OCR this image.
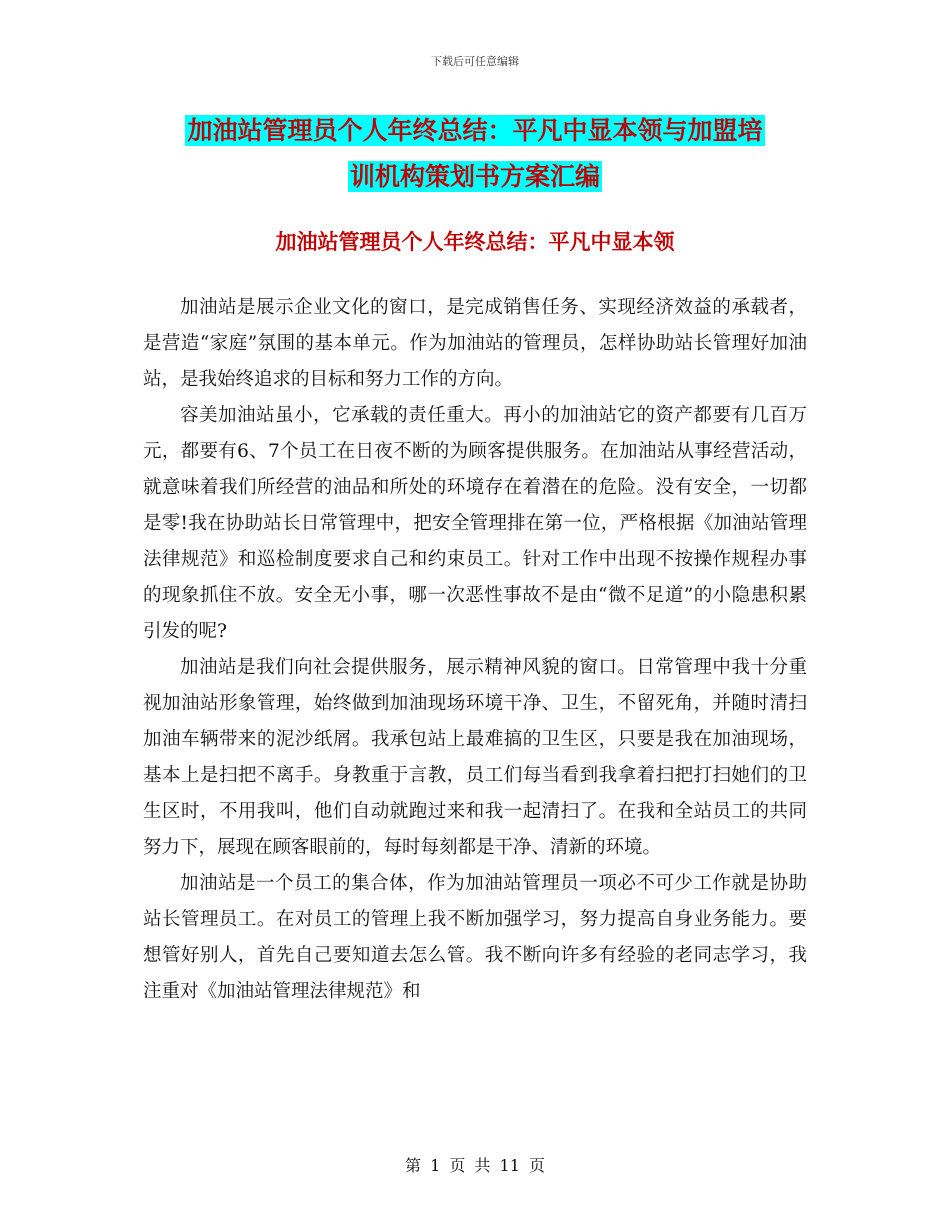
下载后可任意编辑
加油站管理员个人年终总结：平凡中显本领与加盟培
训机构策划书方案汇编
加油站管理员个人年终总结：平凡中显本领

加油站是展示企业文化的窗口，是完成销售任务、实现经济效益的承载者，是营造“家庭”氛围的基本单元。作为加油站的管理员，怎样协助站长管理好加油站，是我始终追求的目标和努力工作的方向。

容美加油站虽小，它承载的责任重大。再小的加油站它的资产都要有几百万元，都要有6、7个员工在日夜不断的为顾客提供服务。在加油站从事经营活动，就意味着我们所经营的油品和所处的环境存在着潜在的危险。没有安全，一切都是零!我在协助站长日常管理中，把安全管理排在第一位，严格根据《加油站管理法律规范》和巡检制度要求自己和约束员工。针对工作中出现不按操作规程办事的现象抓住不放。安全无小事，哪一次恶性事故不是由“微不足道”的小隐患积累引发的呢?

加油站是我们向社会提供服务，展示精神风貌的窗口。日常管理中我十分重视加油站形象管理，始终做到加油现场环境干净、卫生，不留死角，并随时清扫加油车辆带来的泥沙纸屑。我承包站上最难搞的卫生区，只要是我在加油现场，基本上是扫把不离手。身教重于言教，员工们每当看到我拿着扫把打扫她们的卫生区时，不用我叫，他们自动就跑过来和我一起清扫了。在我和全站员工的共同努力下，展现在顾客眼前的，每时每刻都是干净、清新的环境。

加油站是一个员工的集合体，作为加油站管理员一项必不可少工作就是协助站长管理员工。在对员工的管理上我不断加强学习，努力提高自身业务能力。要想管好别人，首先自己要知道去怎么管。我不断向许多有经验的老同志学习，我注重对《加油站管理法律规范》和

第 1 页 共 11 页
